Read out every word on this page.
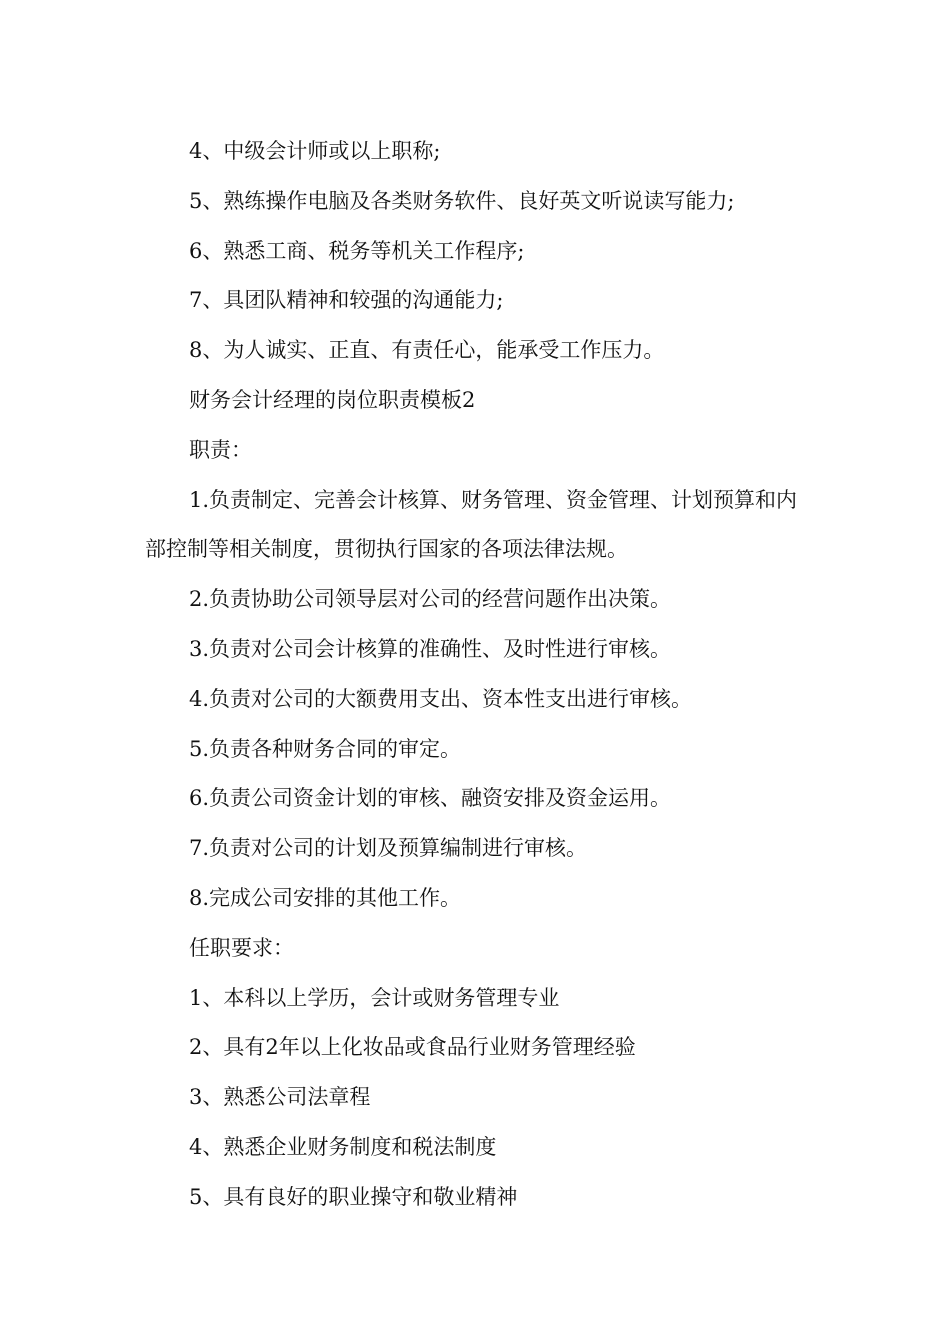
4、中级会计师或以上职称;

5、熟练操作电脑及各类财务软件、良好英文听说读写能力;

6、熟悉工商、税务等机关工作程序;

7、具团队精神和较强的沟通能力;

8、为人诚实、正直、有责任心，能承受工作压力。

财务会计经理的岗位职责模板2

职责：

1.负责制定、完善会计核算、财务管理、资金管理、计划预算和内部控制等相关制度，贯彻执行国家的各项法律法规。

2.负责协助公司领导层对公司的经营问题作出决策。

3.负责对公司会计核算的准确性、及时性进行审核。

4.负责对公司的大额费用支出、资本性支出进行审核。

5.负责各种财务合同的审定。

6.负责公司资金计划的审核、融资安排及资金运用。

7.负责对公司的计划及预算编制进行审核。

8.完成公司安排的其他工作。

任职要求：

1、本科以上学历，会计或财务管理专业

2、具有2年以上化妆品或食品行业财务管理经验

3、熟悉公司法章程

4、熟悉企业财务制度和税法制度

5、具有良好的职业操守和敬业精神
